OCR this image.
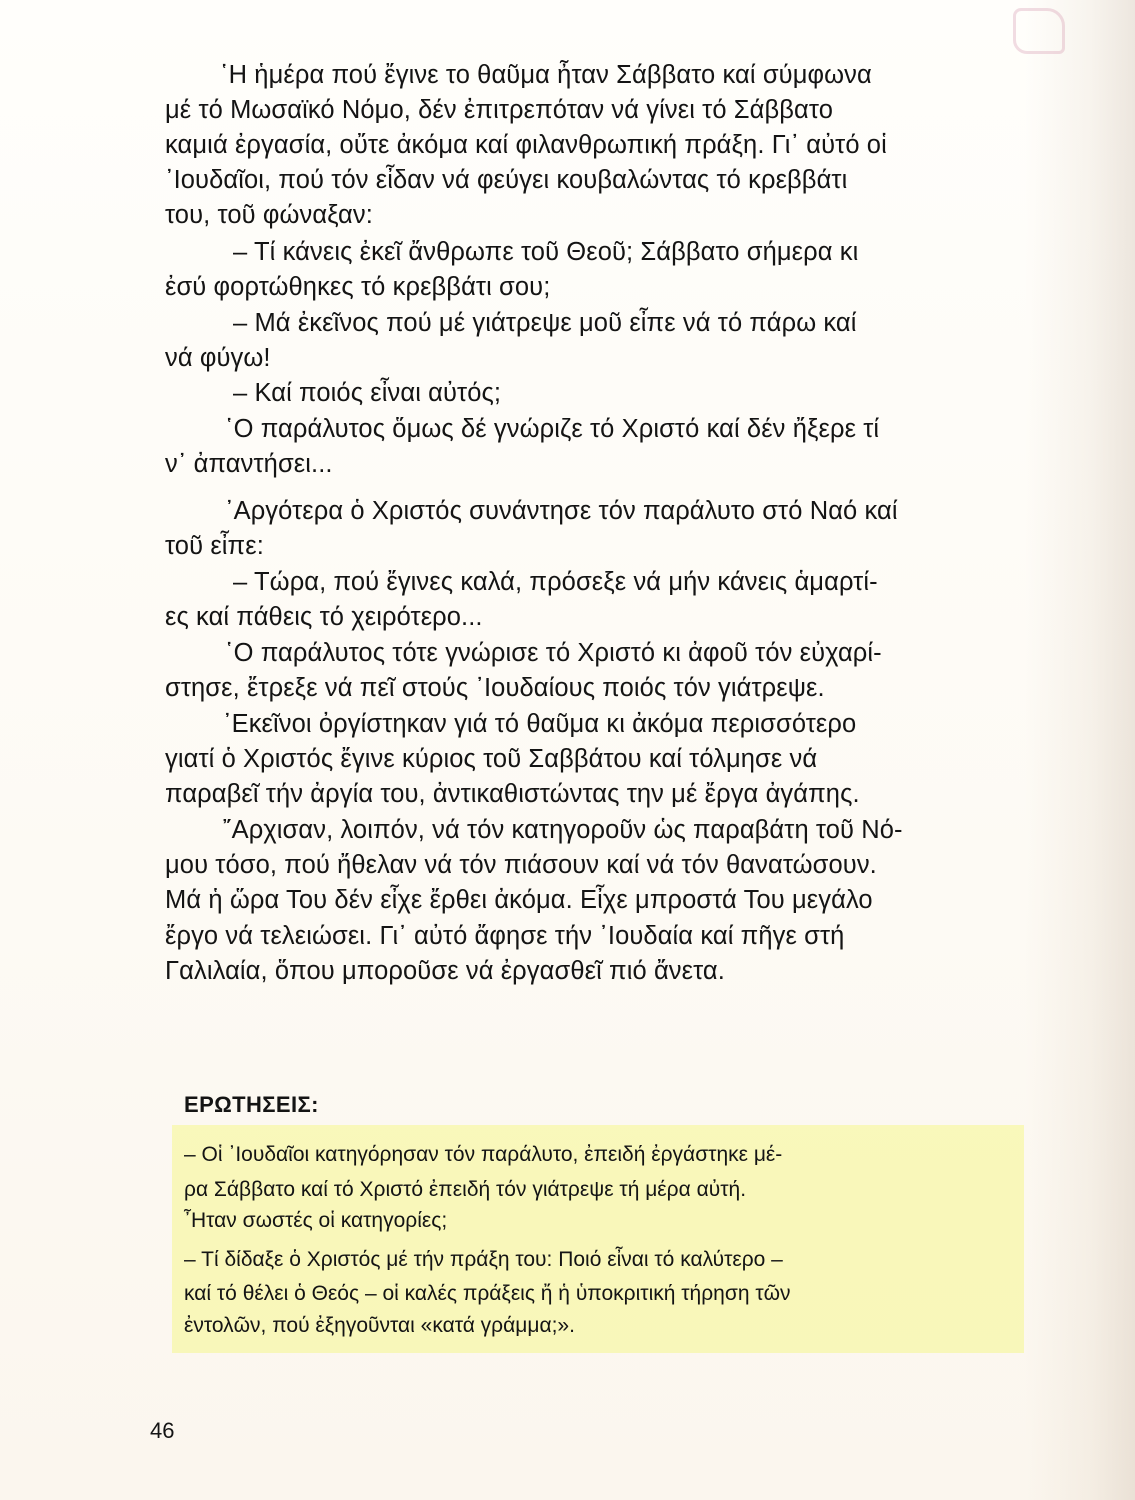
῾Η ἡμέρα πού ἔγινε το θαῦμα ἦταν Σάββατο καί σύμφωνα
μέ τό Μωσαϊκό Νόμο, δέν ἐπιτρεπόταν νά γίνει τό Σάββατο
καμιά ἐργασία, οὔτε ἀκόμα καί φιλανθρωπική πράξη. Γι᾽ αὐτό οἱ
᾽Ιουδαῖοι, πού τόν εἶδαν νά φεύγει κουβαλώντας τό κρεββάτι
του, τοῦ φώναξαν:
– Τί κάνεις ἐκεῖ ἄνθρωπε τοῦ Θεοῦ; Σάββατο σήμερα κι
ἐσύ φορτώθηκες τό κρεββάτι σου;
– Μά ἐκεῖνος πού μέ γιάτρεψε μοῦ εἶπε νά τό πάρω καί
νά φύγω!
– Καί ποιός εἶναι αὐτός;
῾Ο παράλυτος ὅμως δέ γνώριζε τό Χριστό καί δέν ἤξερε τί
ν᾽ ἀπαντήσει...
᾽Αργότερα ὁ Χριστός συνάντησε τόν παράλυτο στό Ναό καί
τοῦ εἶπε:
– Τώρα, πού ἔγινες καλά, πρόσεξε νά μήν κάνεις ἁμαρτί-
ες καί πάθεις τό χειρότερο...
῾Ο παράλυτος τότε γνώρισε τό Χριστό κι ἀφοῦ τόν εὐχαρί-
στησε, ἔτρεξε νά πεῖ στούς ᾽Ιουδαίους ποιός τόν γιάτρεψε.
᾽Εκεῖνοι ὀργίστηκαν γιά τό θαῦμα κι ἀκόμα περισσότερο
γιατί ὁ Χριστός ἔγινε κύριος τοῦ Σαββάτου καί τόλμησε νά
παραβεῖ τήν ἀργία του, ἀντικαθιστώντας την μέ ἔργα ἀγάπης.
῎Αρχισαν, λοιπόν, νά τόν κατηγοροῦν ὡς παραβάτη τοῦ Νό-
μου τόσο, πού ἤθελαν νά τόν πιάσουν καί νά τόν θανατώσουν.
Μά ἡ ὥρα Του δέν εἶχε ἔρθει ἀκόμα. Εἶχε μπροστά Του μεγάλο
ἔργο νά τελειώσει. Γι᾽ αὐτό ἄφησε τήν ᾽Ιουδαία καί πῆγε στή
Γαλιλαία, ὅπου μποροῦσε νά ἐργασθεῖ πιό ἄνετα.
ΕΡΩΤΗΣΕΙΣ:
– Οἱ ᾽Ιουδαῖοι κατηγόρησαν τόν παράλυτο, ἐπειδή ἐργάστηκε μέ-
ρα Σάββατο καί τό Χριστό ἐπειδή τόν γιάτρεψε τή μέρα αὐτή.
῏Ηταν σωστές οἱ κατηγορίες;
– Τί δίδαξε ὁ Χριστός μέ τήν πράξη του: Ποιό εἶναι τό καλύτερο –
καί τό θέλει ὁ Θεός – οἱ καλές πράξεις ἤ ἡ ὑποκριτική τήρηση τῶν
ἐντολῶν, πού ἐξηγοῦνται «κατά γράμμα;».
46
